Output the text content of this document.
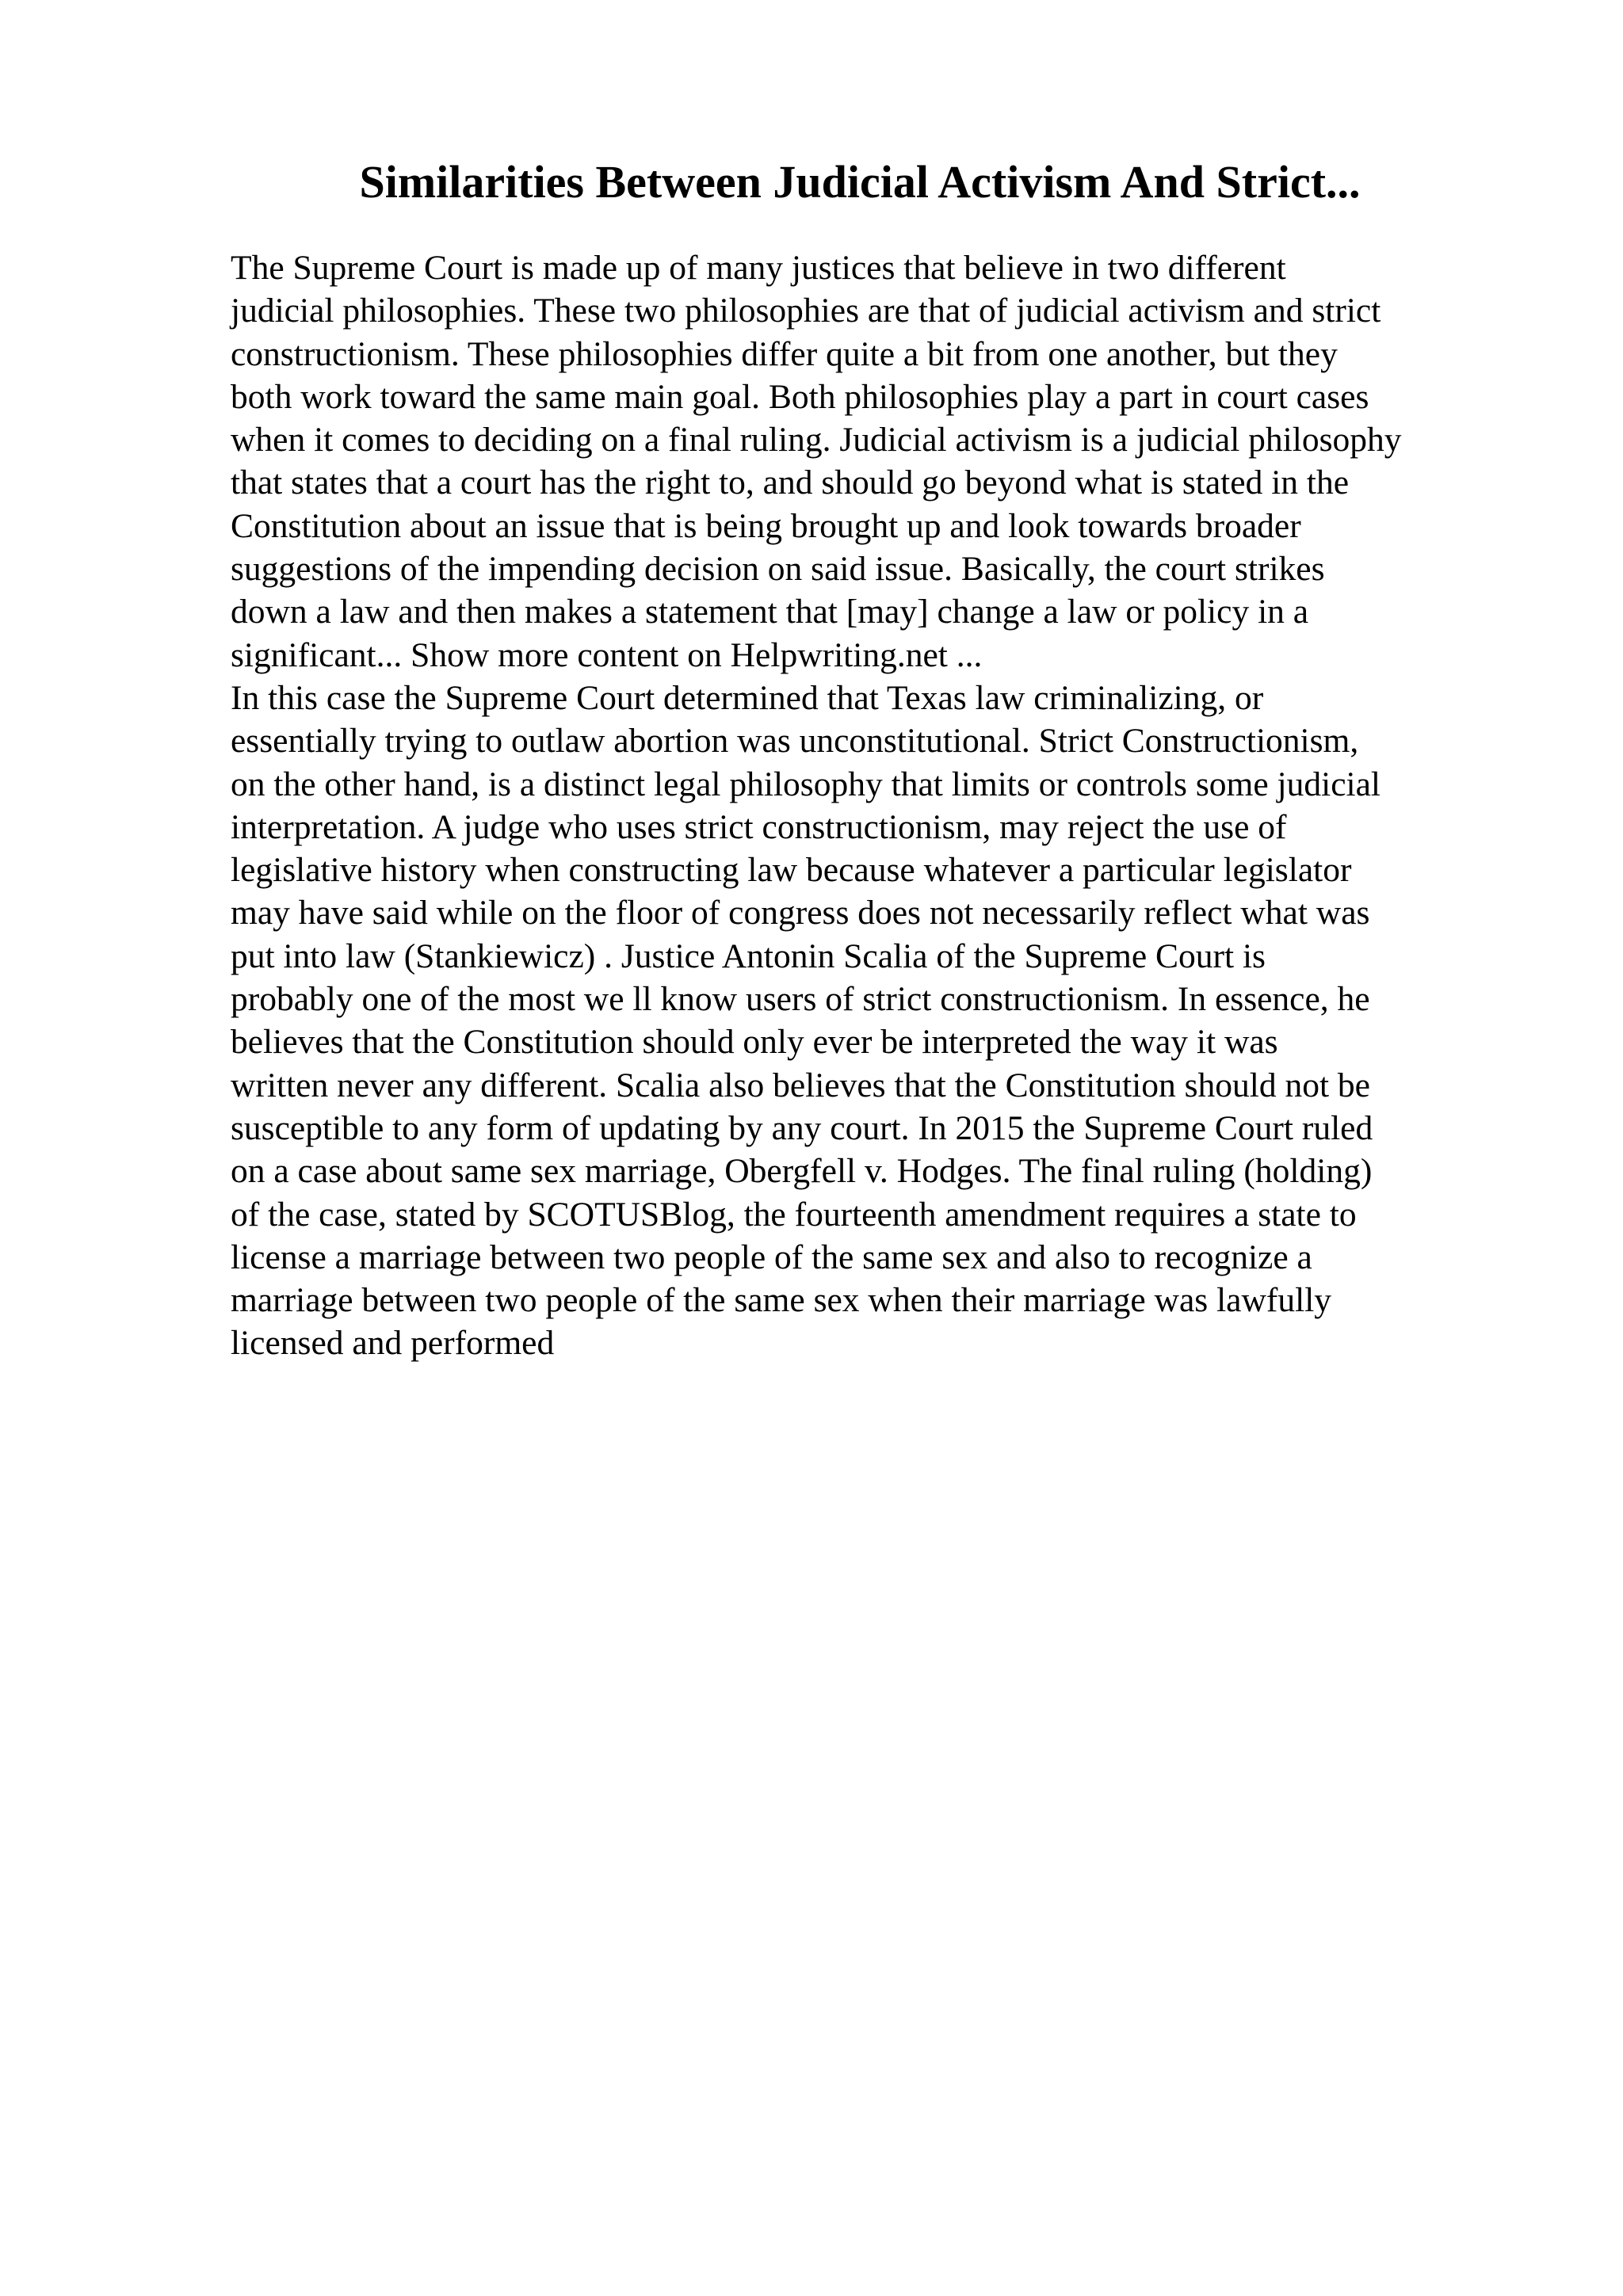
Similarities Between Judicial Activism And Strict...
The Supreme Court is made up of many justices that believe in two different
judicial philosophies. These two philosophies are that of judicial activism and strict
constructionism. These philosophies differ quite a bit from one another, but they
both work toward the same main goal. Both philosophies play a part in court cases
when it comes to deciding on a final ruling. Judicial activism is a judicial philosophy
that states that a court has the right to, and should go beyond what is stated in the
Constitution about an issue that is being brought up and look towards broader
suggestions of the impending decision on said issue. Basically, the court strikes
down a law and then makes a statement that [may] change a law or policy in a
significant... Show more content on Helpwriting.net ...
In this case the Supreme Court determined that Texas law criminalizing, or
essentially trying to outlaw abortion was unconstitutional. Strict Constructionism,
on the other hand, is a distinct legal philosophy that limits or controls some judicial
interpretation. A judge who uses strict constructionism, may reject the use of
legislative history when constructing law because whatever a particular legislator
may have said while on the floor of congress does not necessarily reflect what was
put into law (Stankiewicz) . Justice Antonin Scalia of the Supreme Court is
probably one of the most we ll know users of strict constructionism. In essence, he
believes that the Constitution should only ever be interpreted the way it was
written never any different. Scalia also believes that the Constitution should not be
susceptible to any form of updating by any court. In 2015 the Supreme Court ruled
on a case about same sex marriage, Obergfell v. Hodges. The final ruling (holding)
of the case, stated by SCOTUSBlog, the fourteenth amendment requires a state to
license a marriage between two people of the same sex and also to recognize a
marriage between two people of the same sex when their marriage was lawfully
licensed and performed
